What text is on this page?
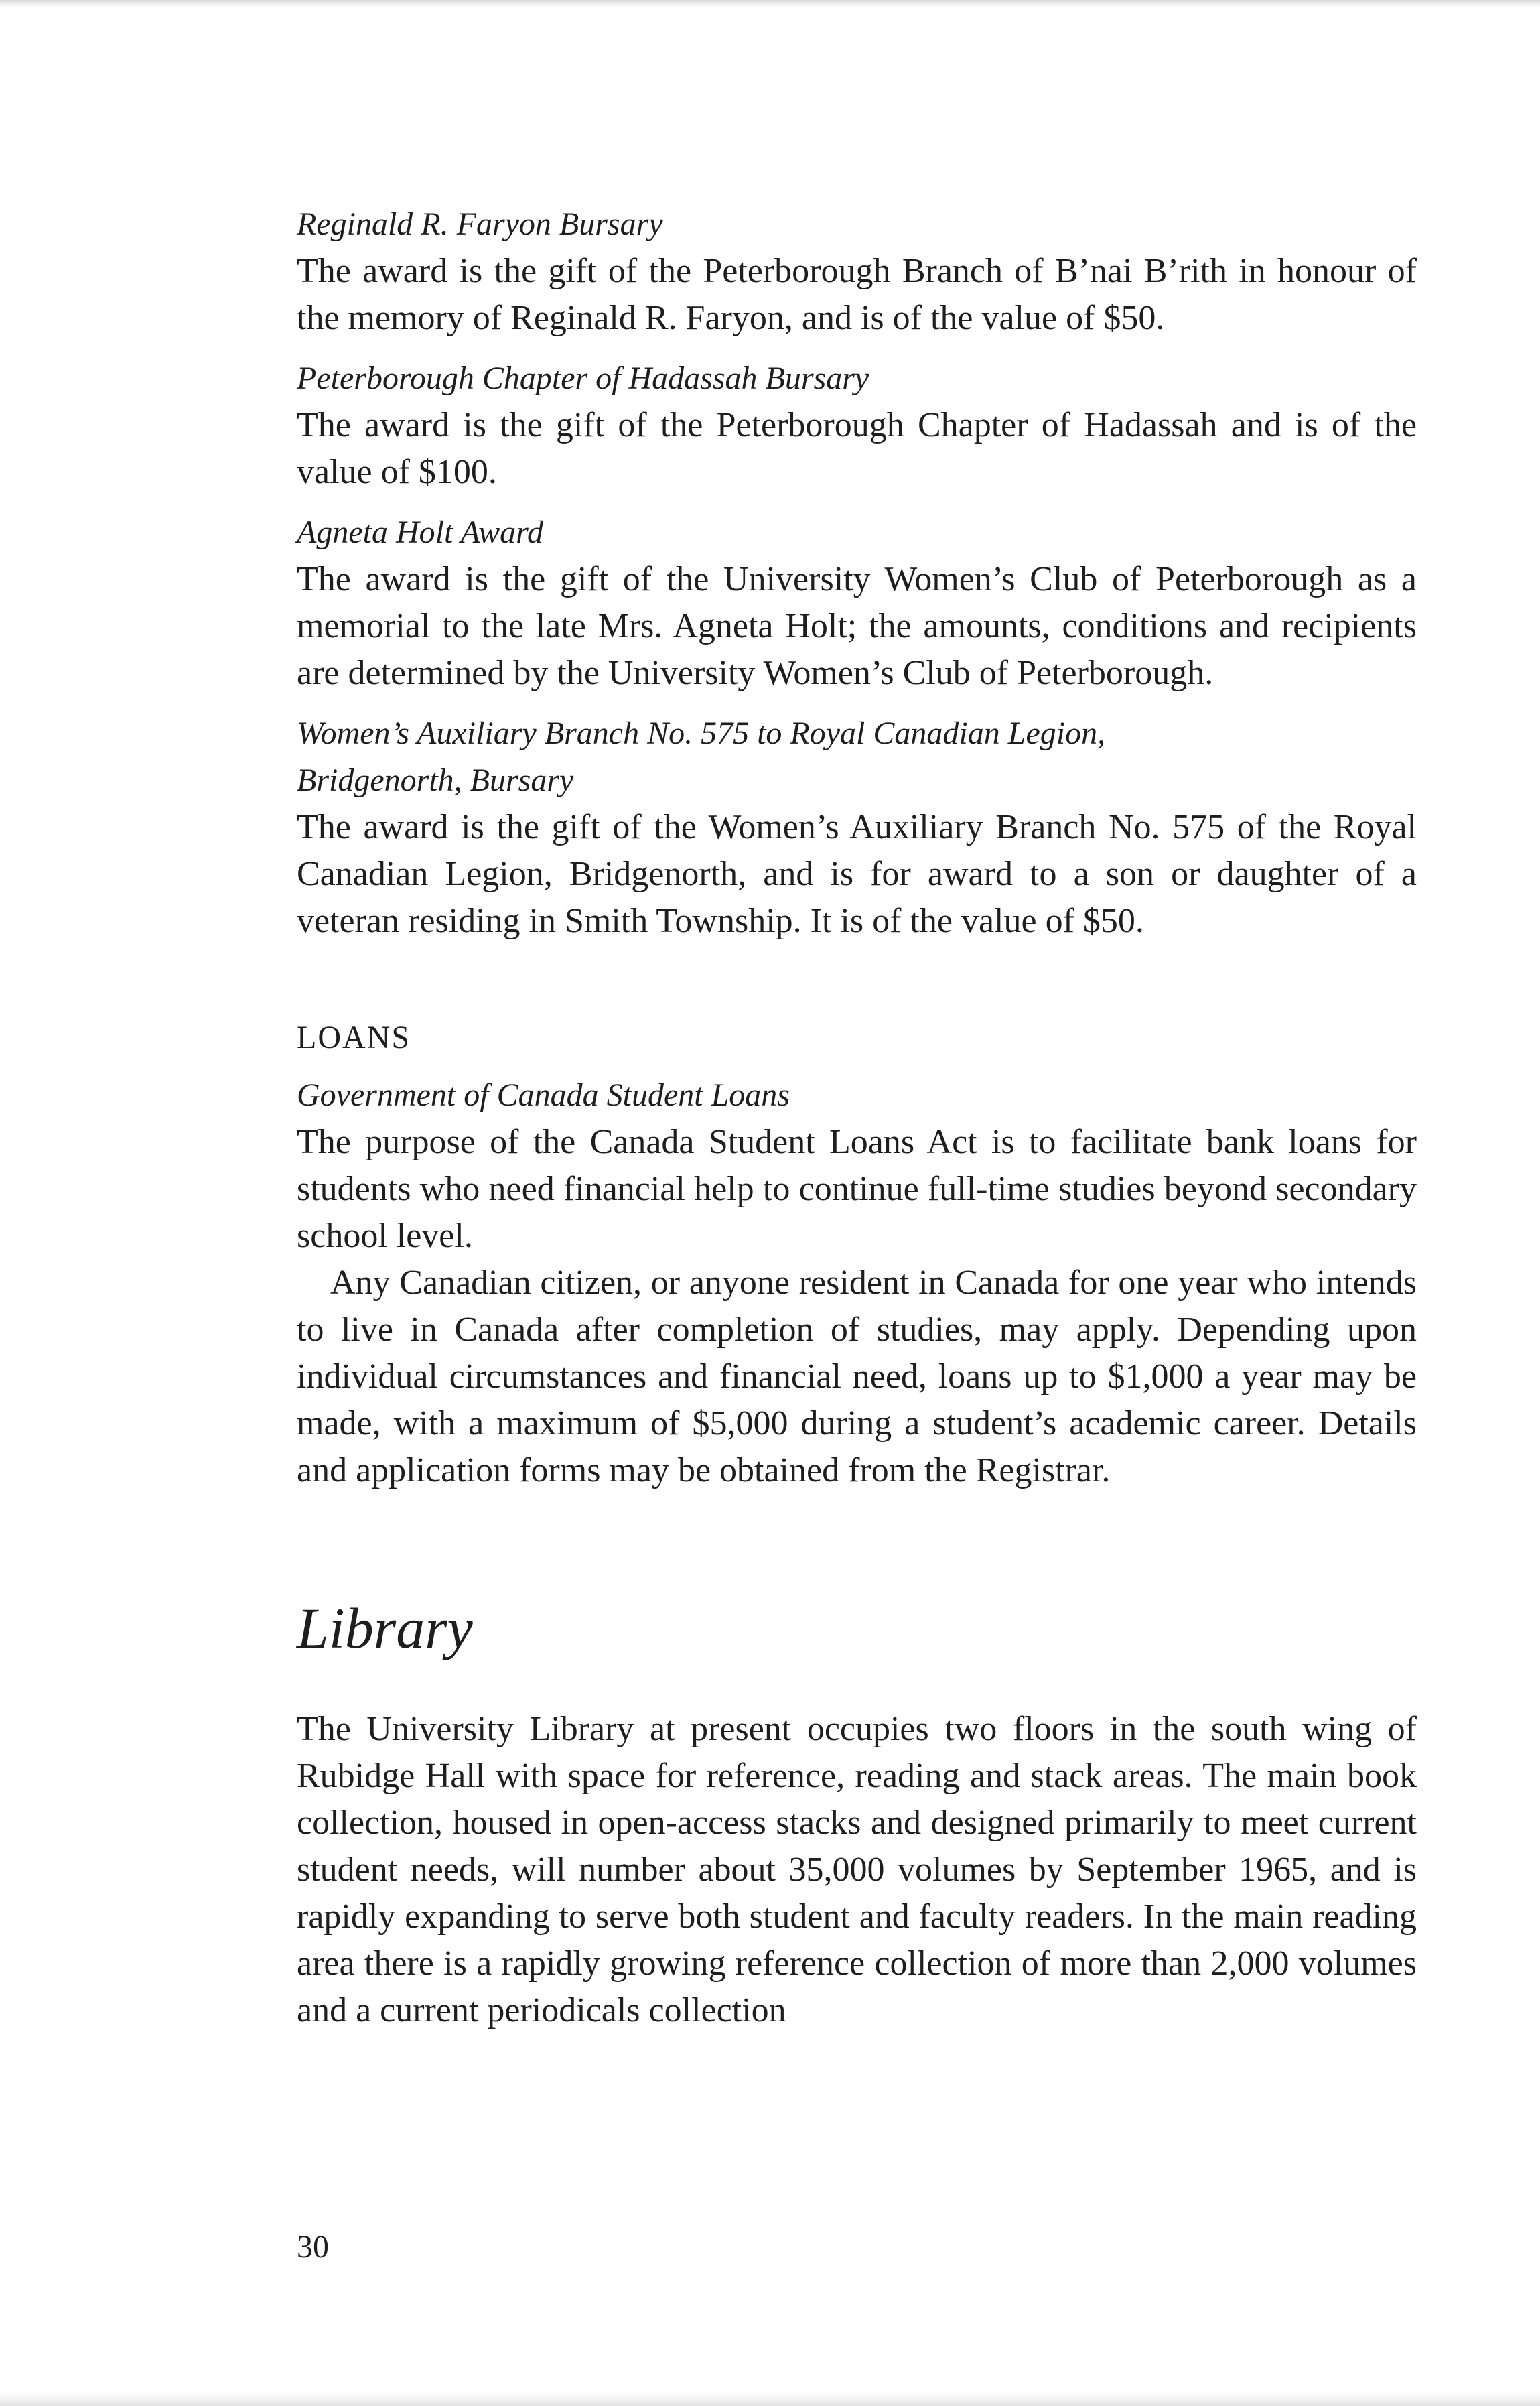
Reginald R. Faryon Bursary

The award is the gift of the Peterborough Branch of B’nai B’rith in honour of the memory of Reginald R. Faryon, and is of the value of $50.

Peterborough Chapter of Hadassah Bursary

The award is the gift of the Peterborough Chapter of Hadassah and is of the value of $100.

Agneta Holt Award

The award is the gift of the University Women’s Club of Peterborough as a memorial to the late Mrs. Agneta Holt; the amounts, conditions and recipients are determined by the University Women’s Club of Peterborough.

Women’s Auxiliary Branch No. 575 to Royal Canadian Legion,
Bridgenorth, Bursary

The award is the gift of the Women’s Auxiliary Branch No. 575 of the Royal Canadian Legion, Bridgenorth, and is for award to a son or daughter of a veteran residing in Smith Township. It is of the value of $50.

LOANS
Government of Canada Student Loans

The purpose of the Canada Student Loans Act is to facilitate bank loans for students who need financial help to continue full-time studies beyond secondary school level.

Any Canadian citizen, or anyone resident in Canada for one year who intends to live in Canada after completion of studies, may apply. Depending upon individual circumstances and financial need, loans up to $1,000 a year may be made, with a maximum of $5,000 during a student’s academic career. Details and application forms may be obtained from the Registrar.

Library

The University Library at present occupies two floors in the south wing of Rubidge Hall with space for reference, reading and stack areas. The main book collection, housed in open-access stacks and designed primarily to meet current student needs, will number about 35,000 volumes by September 1965, and is rapidly expanding to serve both student and faculty readers. In the main reading area there is a rapidly growing reference collection of more than 2,000 volumes and a current periodicals collection

30
